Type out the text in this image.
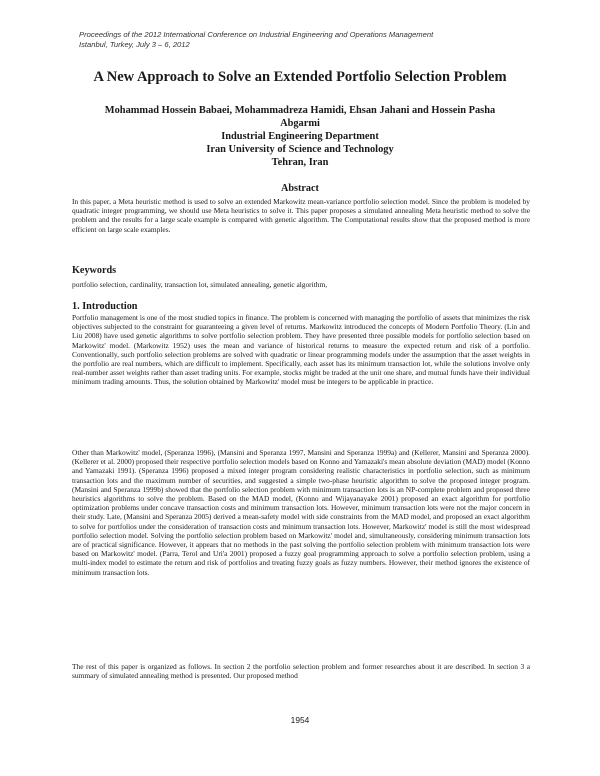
Proceedings of the 2012 International Conference on Industrial Engineering and Operations Management
Istanbul, Turkey, July 3 – 6, 2012
A New Approach to Solve an Extended Portfolio Selection Problem
Mohammad Hossein Babaei, Mohammadreza Hamidi, Ehsan Jahani and Hossein Pasha
Abgarmi
Industrial Engineering Department
Iran University of Science and Technology
Tehran, Iran
Abstract

In this paper, a Meta heuristic method is used to solve an extended Markowitz mean-variance portfolio selection model. Since the problem is modeled by quadratic integer programming, we should use Meta heuristics to solve it. This paper proposes a simulated annealing Meta heuristic method to solve the problem and the results for a large scale example is compared with genetic algorithm. The Computational results show that the proposed method is more efficient on large scale examples.

Keywords

portfolio selection, cardinality, transaction lot, simulated annealing, genetic algorithm,

1. Introduction

Portfolio management is one of the most studied topics in finance. The problem is concerned with managing the portfolio of assets that minimizes the risk objectives subjected to the constraint for guaranteeing a given level of returns. Markowitz introduced the concepts of Modern Portfolio Theory. (Lin and Liu 2008) have used genetic algorithms to solve portfolio selection problem. They have presented three possible models for portfolio selection based on Markowitz' model. (Markowitz 1952) uses the mean and variance of historical returns to measure the expected return and risk of a portfolio. Conventionally, such portfolio selection problems are solved with quadratic or linear programming models under the assumption that the asset weights in the portfolio are real numbers, which are difficult to implement. Specifically, each asset has its minimum transaction lot, while the solutions involve only real-number asset weights rather than asset trading units. For example, stocks might be traded at the unit one share, and mutual funds have their individual minimum trading amounts. Thus, the solution obtained by Markowitz' model must be integers to be applicable in practice.

Other than Markowitz' model, (Speranza 1996), (Mansini and Speranza 1997, Mansini and Speranza 1999a) and (Kellerer, Mansini and Speranza 2000). (Kellerer et al. 2000) proposed their respective portfolio selection models based on Konno and Yamazaki's mean absolute deviation (MAD) model (Konno and Yamazaki 1991). (Speranza 1996) proposed a mixed integer program considering realistic characteristics in portfolio selection, such as minimum transaction lots and the maximum number of securities, and suggested a simple two-phase heuristic algorithm to solve the proposed integer program. (Mansini and Speranza 1999b) showed that the portfolio selection problem with minimum transaction lots is an NP-complete problem and proposed three heuristics algorithms to solve the problem. Based on the MAD model, (Konno and Wijayanayake 2001) proposed an exact algorithm for portfolio optimization problems under concave transaction costs and minimum transaction lots. However, minimum transaction lots were not the major concern in their study. Late, (Mansini and Speranza 2005) derived a mean-safety model with side constraints from the MAD model, and proposed an exact algorithm to solve for portfolios under the consideration of transaction costs and minimum transaction lots. However, Markowitz' model is still the most widespread portfolio selection model. Solving the portfolio selection problem based on Markowitz' model and, simultaneously, considering minimum transaction lots are of practical significance. However, it appears that no methods in the past solving the portfolio selection problem with minimum transaction lots were based on Markowitz' model. (Parra, Terol and Uri'a 2001) proposed a fuzzy goal programming approach to solve a portfolio selection problem, using a multi-index model to estimate the return and risk of portfolios and treating fuzzy goals as fuzzy numbers. However, their method ignores the existence of minimum transaction lots.

The rest of this paper is organized as follows. In section 2 the portfolio selection problem and former researches about it are described. In section 3 a summary of simulated annealing method is presented. Our proposed method

1954
